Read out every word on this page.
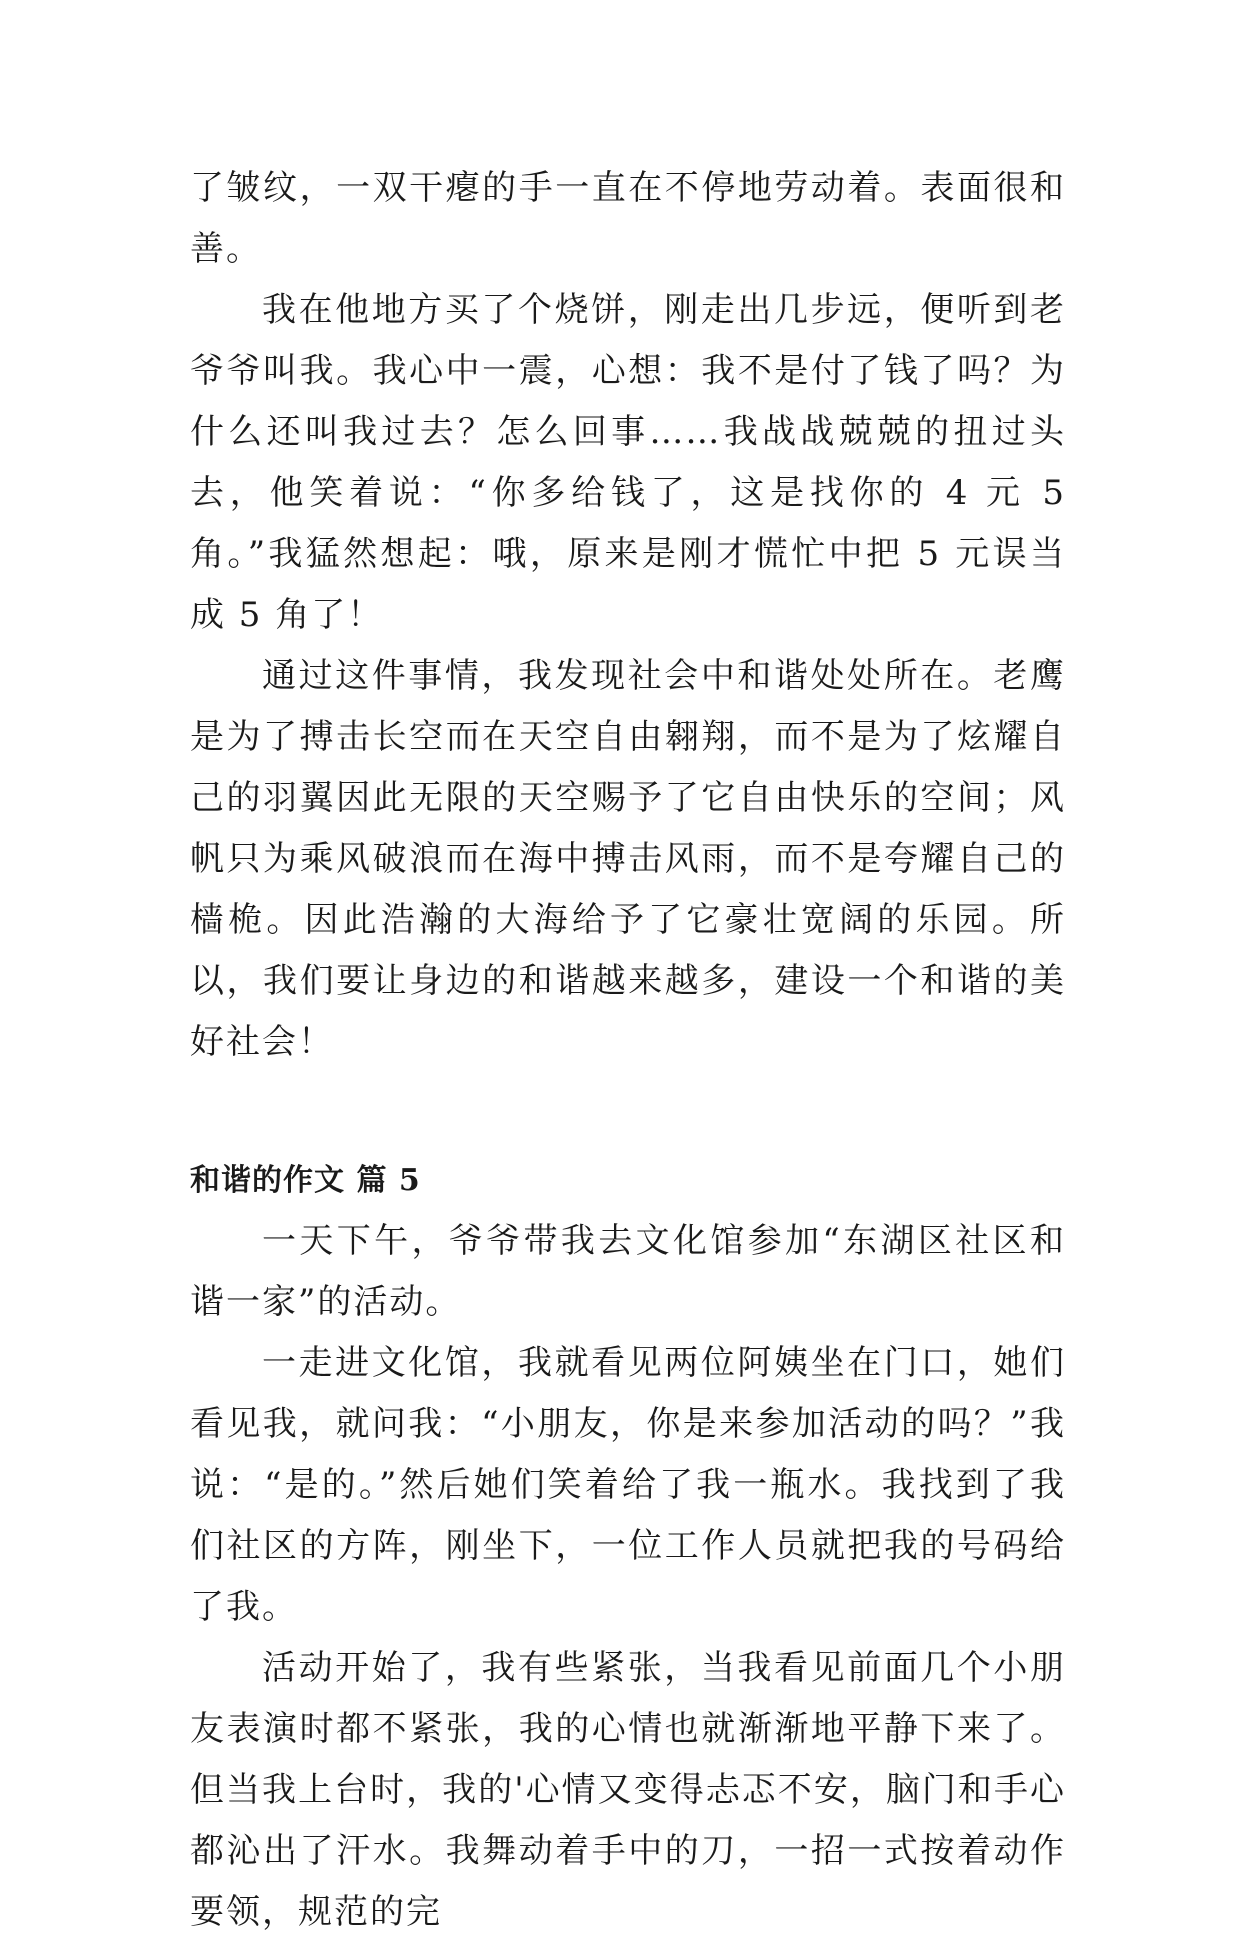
了皱纹，一双干瘪的手一直在不停地劳动着。表面很和善。

我在他地方买了个烧饼，刚走出几步远，便听到老爷爷叫我。我心中一震，心想：我不是付了钱了吗？为什么还叫我过去？怎么回事……我战战兢兢的扭过头去，他笑着说：“你多给钱了，这是找你的 4 元 5 角。”我猛然想起：哦，原来是刚才慌忙中把 5 元误当成 5 角了！

通过这件事情，我发现社会中和谐处处所在。老鹰是为了搏击长空而在天空自由翱翔，而不是为了炫耀自己的羽翼因此无限的天空赐予了它自由快乐的空间；风帆只为乘风破浪而在海中搏击风雨，而不是夸耀自己的樯桅。因此浩瀚的大海给予了它豪壮宽阔的乐园。所以，我们要让身边的和谐越来越多，建设一个和谐的美好社会！

和谐的作文 篇 5

一天下午，爷爷带我去文化馆参加“东湖区社区和谐一家”的活动。

一走进文化馆，我就看见两位阿姨坐在门口，她们看见我，就问我：“小朋友，你是来参加活动的吗？”我说：“是的。”然后她们笑着给了我一瓶水。我找到了我们社区的方阵，刚坐下，一位工作人员就把我的号码给了我。

活动开始了，我有些紧张，当我看见前面几个小朋友表演时都不紧张，我的心情也就渐渐地平静下来了。但当我上台时，我的'心情又变得忐忑不安，脑门和手心都沁出了汗水。我舞动着手中的刀，一招一式按着动作要领，规范的完
